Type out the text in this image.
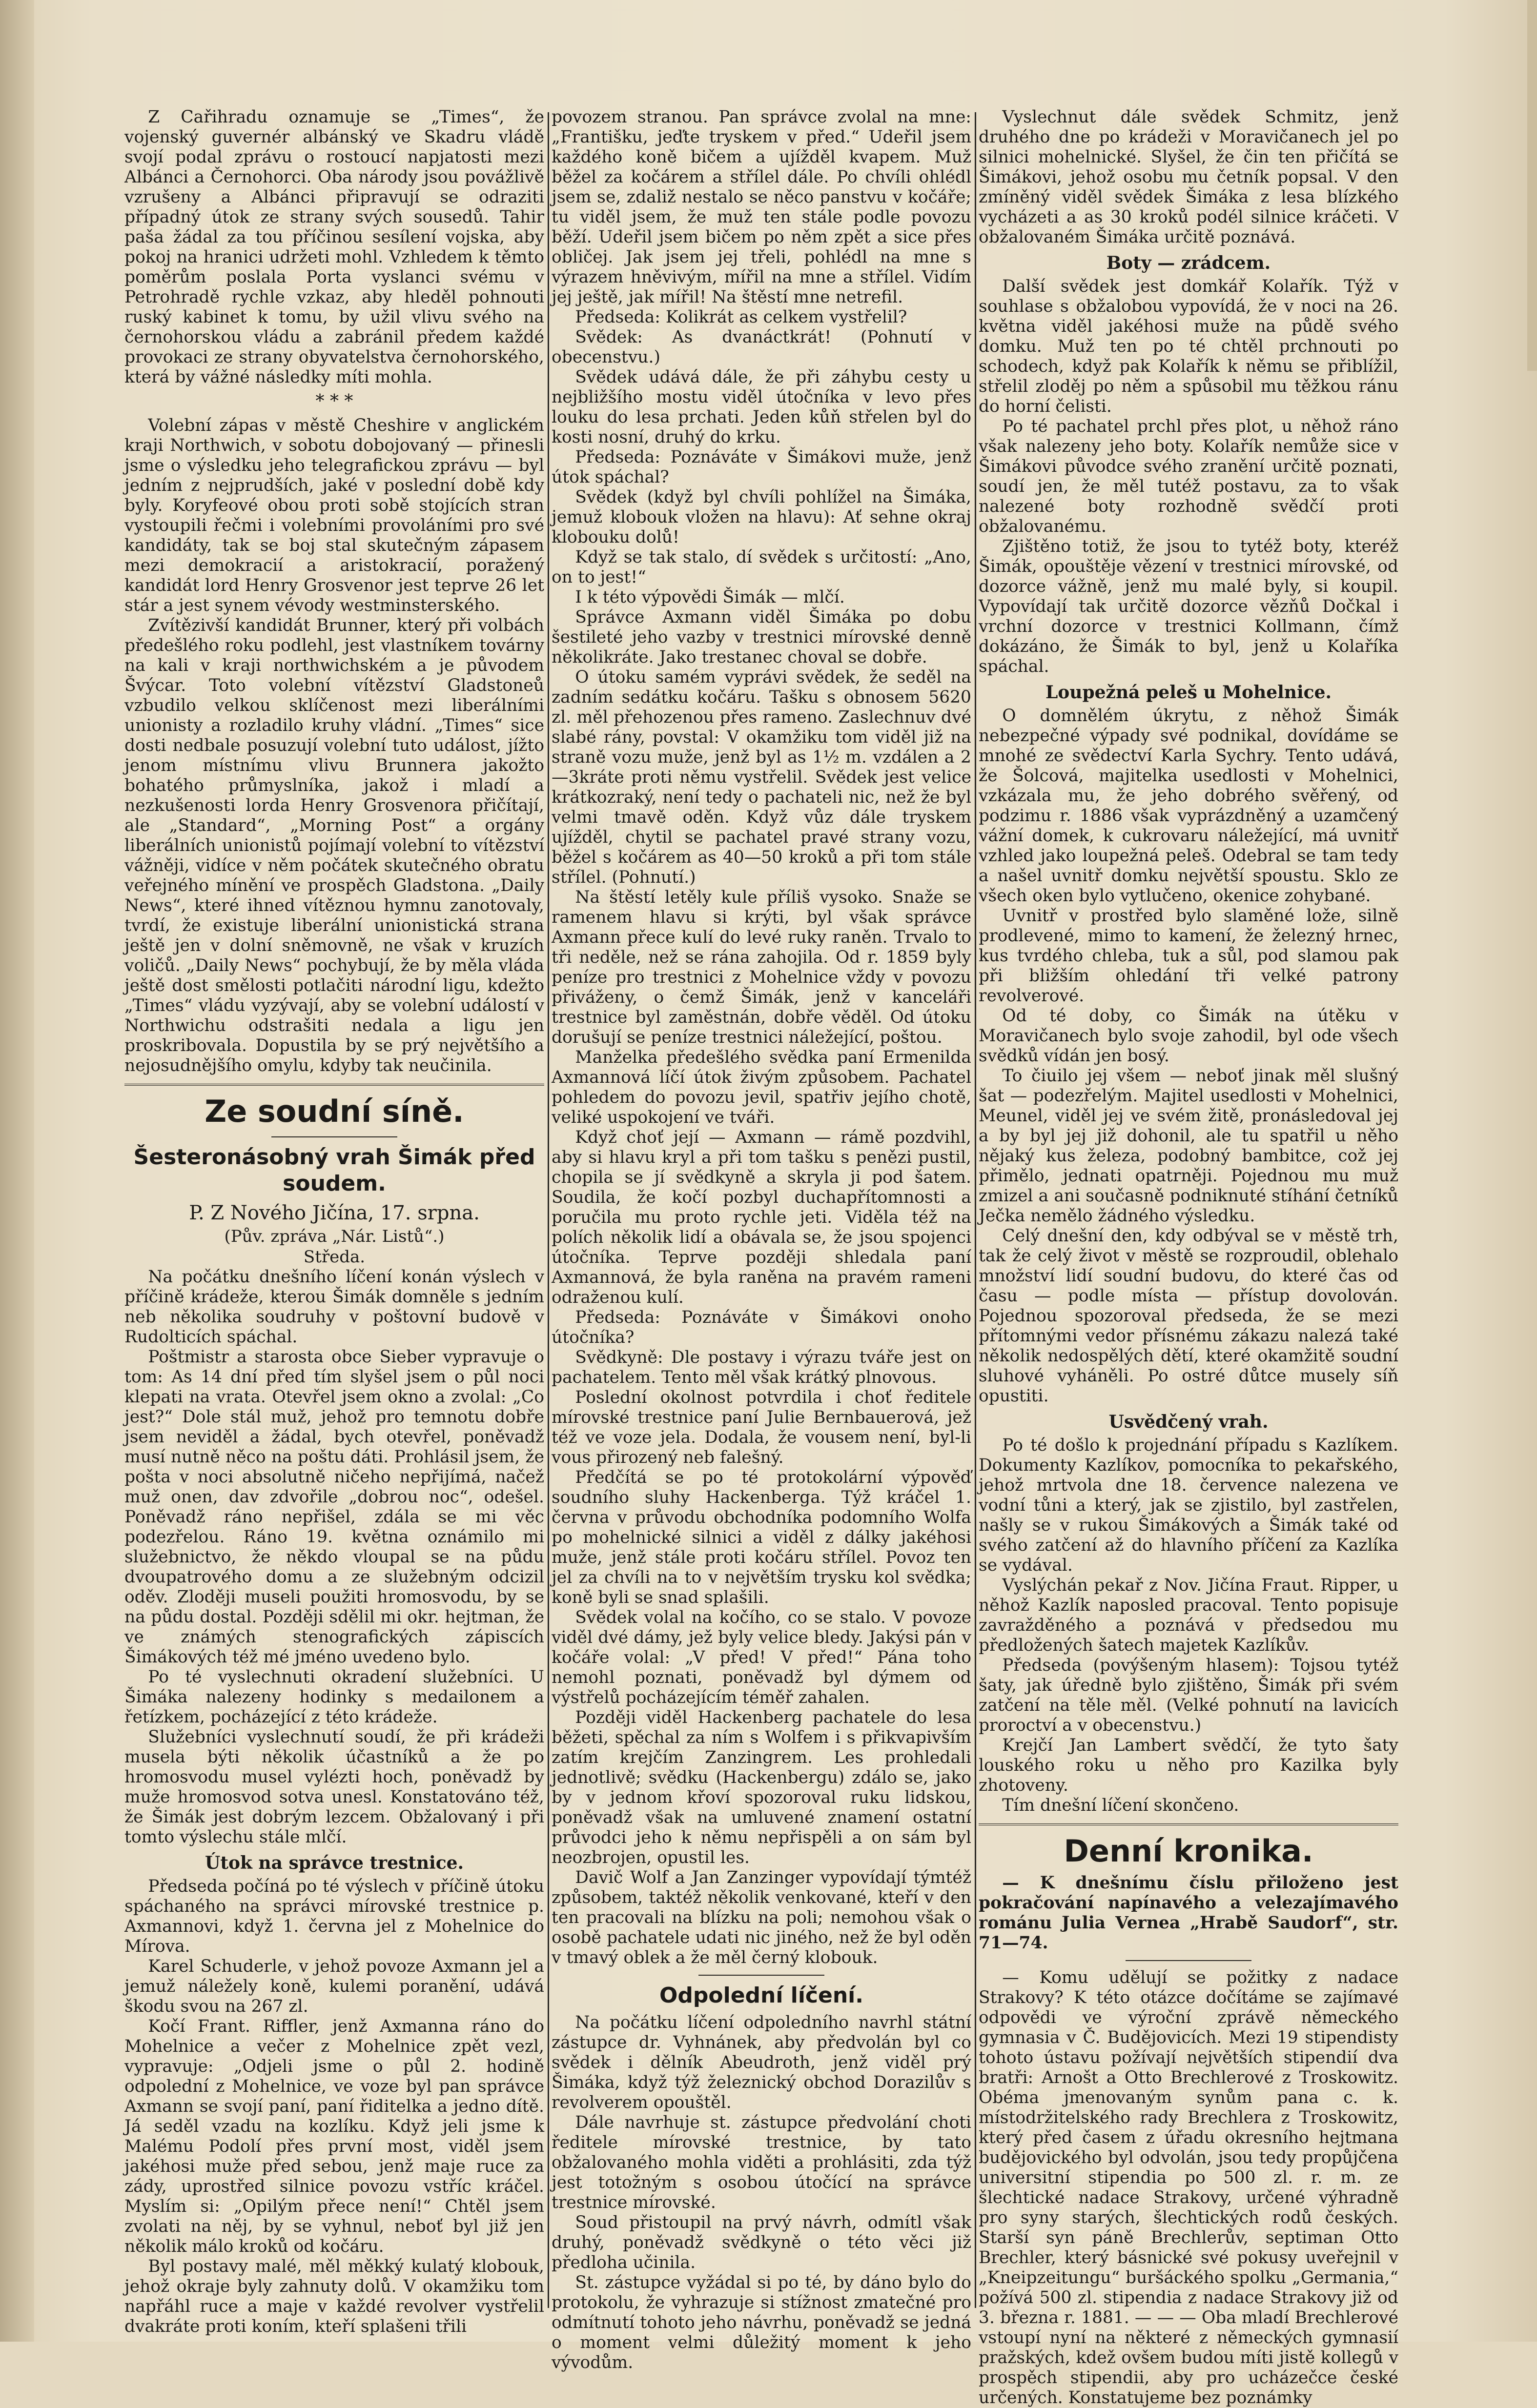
Z Cařihradu oznamuje se „Times“, že vojenský guvernér albánský ve Skadru vládě svojí podal zprávu o rostoucí napjatosti mezi Albánci a Černohorci. Oba národy jsou povážlivě vzrušeny a Albánci připravují se odraziti případný útok ze strany svých sousedů. Tahir paša žádal za tou příčinou sesílení vojska, aby pokoj na hranici udržeti mohl. Vzhledem k těmto poměrům poslala Porta vyslanci svému v Petrohradě rychle vzkaz, aby hleděl pohnouti ruský kabinet k tomu, by užil vlivu svého na černohorskou vládu a zabránil předem každé provokaci ze strany obyvatelstva černohorského, která by vážné následky míti mohla.

* * *

Volební zápas v městě Cheshire v anglickém kraji Northwich, v sobotu dobojovaný — přinesli jsme o výsledku jeho telegrafickou zprávu — byl jedním z nejprudších, jaké v poslední době kdy byly. Koryfeové obou proti sobě stojících stran vystoupili řečmi i volebními provoláními pro své kandidáty, tak se boj stal skutečným zápasem mezi demokracií a aristokracií, poražený kandidát lord Henry Grosvenor jest teprve 26 let stár a jest synem vévody westminsterského.

Zvítězivší kandidát Brunner, který při volbách předešlého roku podlehl, jest vlastníkem továrny na kali v kraji northwichském a je původem Švýcar. Toto volební vítězství Gladstoneů vzbudilo velkou sklíčenost mezi liberálními unionisty a rozladilo kruhy vládní. „Times“ sice dosti nedbale posuzují volební tuto událost, jížto jenom místnímu vlivu Brunnera jakožto bohatého průmyslníka, jakož i mladí a nezkušenosti lorda Henry Grosvenora přičítají, ale „Standard“, „Morning Post“ a orgány liberálních unionistů pojímají volební to vítězství vážněji, vidíce v něm počátek skutečného obratu veřejného mínění ve prospěch Gladstona. „Daily News“, které ihned vítěznou hymnu zanotovaly, tvrdí, že existuje liberální unionistická strana ještě jen v dolní sněmovně, ne však v kruzích voličů. „Daily News“ pochybují, že by měla vláda ještě dost smělosti potlačiti národní ligu, kdežto „Times“ vládu vyzývají, aby se volební událostí v Northwichu odstrašiti nedala a ligu jen proskribovala. Dopustila by se prý největšího a nejosudnějšího omylu, kdyby tak neučinila.

Ze soudní síně.
Šesteronásobný vrah Šimák před soudem.

P. Z Nového Jičína, 17. srpna.

(Pův. zpráva „Nár. Listů“.)

Středa.

Na počátku dnešního líčení konán výslech v příčině krádeže, kterou Šimák domněle s jedním neb několika soudruhy v poštovní budově v Rudolticích spáchal.

Poštmistr a starosta obce Sieber vypravuje o tom: As 14 dní před tím slyšel jsem o půl noci klepati na vrata. Otevřel jsem okno a zvolal: „Co jest?“ Dole stál muž, jehož pro temnotu dobře jsem neviděl a žádal, bych otevřel, poněvadž musí nutně něco na poštu dáti. Prohlásil jsem, že pošta v noci absolutně ničeho nepřijímá, načež muž onen, dav zdvořile „dobrou noc“, odešel. Poněvadž ráno nepřišel, zdála se mi věc podezřelou. Ráno 19. května oznámilo mi služebnictvo, že někdo vloupal se na půdu dvoupatrového domu a ze služebným odcizil oděv. Zloději museli použiti hromosvodu, by se na půdu dostal. Později sdělil mi okr. hejtman, že ve známých stenografických zápiscích Šimákových též mé jméno uvedeno bylo.

Po té vyslechnuti okradení služebníci. U Šimáka nalezeny hodinky s medailonem a řetízkem, pocházející z této krádeže.

Služebníci vyslechnutí soudí, že při krádeži musela býti několik účastníků a že po hromosvodu musel vylézti hoch, poněvadž by muže hromosvod sotva unesl. Konstatováno též, že Šimák jest dobrým lezcem. Obžalovaný i při tomto výslechu stále mlčí.

Útok na správce trestnice.

Předseda počíná po té výslech v příčině útoku spáchaného na správci mírovské trestnice p. Axmannovi, když 1. června jel z Mohelnice do Mírova.

Karel Schuderle, v jehož povoze Axmann jel a jemuž náležely koně, kulemi poranění, udává škodu svou na 267 zl.

Kočí Frant. Riffler, jenž Axmanna ráno do Mohelnice a večer z Mohelnice zpět vezl, vypravuje: „Odjeli jsme o půl 2. hodině odpolední z Mohelnice, ve voze byl pan správce Axmann se svojí paní, paní řiditelka a jedno dítě. Já seděl vzadu na kozlíku. Když jeli jsme k Malému Podolí přes první most, viděl jsem jakéhosi muže před sebou, jenž maje ruce za zády, uprostřed silnice povozu vstříc kráčel. Myslím si: „Opilým přece není!“ Chtěl jsem zvolati na něj, by se vyhnul, neboť byl již jen několik málo kroků od kočáru.

Byl postavy malé, měl měkký kulatý klobouk, jehož okraje byly zahnuty dolů. V okamžiku tom napřáhl ruce a maje v každé revolver vystřelil dvakráte proti koním, kteří splašeni třili

povozem stranou. Pan správce zvolal na mne: „Františku, jeďte tryskem v před.“ Udeřil jsem každého koně bičem a ujížděl kvapem. Muž běžel za kočárem a střílel dále. Po chvíli ohlédl jsem se, zdaliž nestalo se něco panstvu v kočáře; tu viděl jsem, že muž ten stále podle povozu běží. Udeřil jsem bičem po něm zpět a sice přes obličej. Jak jsem jej třeli, pohlédl na mne s výrazem hněvivým, mířil na mne a střílel. Vidím jej ještě, jak mířil! Na štěstí mne netrefil.

Předseda: Kolikrát as celkem vystřelil?

Svědek: As dvanáctkrát! (Pohnutí v obecenstvu.)

Svědek udává dále, že při záhybu cesty u nejbližšího mostu viděl útočníka v levo přes louku do lesa prchati. Jeden kůň střelen byl do kosti nosní, druhý do krku.

Předseda: Poznáváte v Šimákovi muže, jenž útok spáchal?

Svědek (když byl chvíli pohlížel na Šimáka, jemuž klobouk vložen na hlavu): Ať sehne okraj klobouku dolů!

Když se tak stalo, dí svědek s určitostí: „Ano, on to jest!“

I k této výpovědi Šimák — mlčí.

Správce Axmann viděl Šimáka po dobu šestileté jeho vazby v trestnici mírovské denně několikráte. Jako trestanec choval se dobře.

O útoku samém vyprávi svědek, že seděl na zadním sedátku kočáru. Tašku s obnosem 5620 zl. měl přehozenou přes rameno. Zaslechnuv dvé slabé rány, povstal: V okamžiku tom viděl již na straně vozu muže, jenž byl as 1½ m. vzdálen a 2—3kráte proti němu vystřelil. Svědek jest velice krátkozraký, není tedy o pachateli nic, než že byl velmi tmavě oděn. Když vůz dále tryskem ujížděl, chytil se pachatel pravé strany vozu, běžel s kočárem as 40—50 kroků a při tom stále střílel. (Pohnutí.)

Na štěstí letěly kule příliš vysoko. Snaže se ramenem hlavu si krýti, byl však správce Axmann přece kulí do levé ruky raněn. Trvalo to tři neděle, než se rána zahojila. Od r. 1859 byly peníze pro trestnici z Mohelnice vždy v povozu přiváženy, o čemž Šimák, jenž v kanceláři trestnice byl zaměstnán, dobře věděl. Od útoku dorušují se peníze trestnici náležející, poštou.

Manželka předešlého svědka paní Ermenilda Axmannová líčí útok živým způsobem. Pachatel pohledem do povozu jevil, spatřiv jejího chotě, veliké uspokojení ve tváři.

Když choť její — Axmann — rámě pozdvihl, aby si hlavu kryl a při tom tašku s penězi pustil, chopila se jí svědkyně a skryla ji pod šatem. Soudila, že kočí pozbyl duchapřítomnosti a poručila mu proto rychle jeti. Viděla též na polích několik lidí a obávala se, že jsou spojenci útočníka. Teprve později shledala paní Axmannová, že byla raněna na pravém rameni odraženou kulí.

Předseda: Poznáváte v Šimákovi onoho útočníka?

Svědkyně: Dle postavy i výrazu tváře jest on pachatelem. Tento měl však krátký plnovous.

Poslední okolnost potvrdila i choť ředitele mírovské trestnice paní Julie Bernbauerová, jež též ve voze jela. Dodala, že vousem není, byl-li vous přirozený neb falešný.

Předčítá se po té protokolární výpověď soudního sluhy Hackenberga. Týž kráčel 1. června v průvodu obchodníka podomního Wolfa po mohelnické silnici a viděl z dálky jakéhosi muže, jenž stále proti kočáru střílel. Povoz ten jel za chvíli na to v největším trysku kol svědka; koně byli se snad splašili.

Svědek volal na kočího, co se stalo. V povoze viděl dvé dámy, jež byly velice bledy. Jakýsi pán v kočáře volal: „V před! V před!“ Pána toho nemohl poznati, poněvadž byl dýmem od výstřelů pocházejícím téměř zahalen.

Později viděl Hackenberg pachatele do lesa běžeti, spěchal za ním s Wolfem i s přikvapivším zatím krejčím Zanzingrem. Les prohledali jednotlivě; svědku (Hackenbergu) zdálo se, jako by v jednom křoví spozoroval ruku lidskou, poněvadž však na umluvené znamení ostatní průvodci jeho k němu nepřispěli a on sám byl neozbrojen, opustil les.

Davič Wolf a Jan Zanzinger vypovídají týmtéž způsobem, taktéž několik venkované, kteří v den ten pracovali na blízku na poli; nemohou však o osobě pachatele udati nic jiného, než že byl oděn v tmavý oblek a že měl černý klobouk.

Odpolední líčení.

Na počátku líčení odpoledního navrhl státní zástupce dr. Vyhnánek, aby předvolán byl co svědek i dělník Abeudroth, jenž viděl prý Šimáka, když týž železnický obchod Dorazilův s revolverem opouštěl.

Dále navrhuje st. zástupce předvolání choti ředitele mírovské trestnice, by tato obžalovaného mohla viděti a prohlásiti, zda týž jest totožným s osobou útočící na správce trestnice mírovské.

Soud přistoupil na prvý návrh, odmítl však druhý, poněvadž svědkyně o této věci již předloha učinila.

St. zástupce vyžádal si po té, by dáno bylo do protokolu, že vyhrazuje si stížnost zmatečné pro odmítnutí tohoto jeho návrhu, poněvadž se jedná o moment velmi důležitý moment k jeho vývodům.

Vyslechnut dále svědek Schmitz, jenž druhého dne po krádeži v Moravičanech jel po silnici mohelnické. Slyšel, že čin ten přičítá se Šimákovi, jehož osobu mu četník popsal. V den zmíněný viděl svědek Šimáka z lesa blízkého vycházeti a as 30 kroků podél silnice kráčeti. V obžalovaném Šimáka určitě poznává.

Boty — zrádcem.

Další svědek jest domkář Kolařík. Týž v souhlase s obžalobou vypovídá, že v noci na 26. května viděl jakéhosi muže na půdě svého domku. Muž ten po té chtěl prchnouti po schodech, když pak Kolařík k němu se přiblížil, střelil zloděj po něm a spůsobil mu těžkou ránu do horní čelisti.

Po té pachatel prchl přes plot, u něhož ráno však nalezeny jeho boty. Kolařík nemůže sice v Šimákovi původce svého zranění určitě poznati, soudí jen, že měl tutéž postavu, za to však nalezené boty rozhodně svědčí proti obžalovanému.

Zjištěno totiž, že jsou to tytéž boty, kteréž Šimák, opouštěje vězení v trestnici mírovské, od dozorce vážně, jenž mu malé byly, si koupil. Vypovídají tak určitě dozorce vězňů Dočkal i vrchní dozorce v trestnici Kollmann, čímž dokázáno, že Šimák to byl, jenž u Kolaříka spáchal.

Loupežná peleš u Mohelnice.

O domnělém úkrytu, z něhož Šimák nebezpečné výpady své podnikal, dovídáme se mnohé ze svědectví Karla Sychry. Tento udává, že Šolcová, majitelka usedlosti v Mohelnici, vzkázala mu, že jeho dobrého svěřený, od podzimu r. 1886 však vyprázdněný a uzamčený vážní domek, k cukrovaru náležející, má uvnitř vzhled jako loupežná peleš. Odebral se tam tedy a našel uvnitř domku největší spoustu. Sklo ze všech oken bylo vytlučeno, okenice zohybané.

Uvnitř v prostřed bylo slaměné lože, silně prodlevené, mimo to kamení, že železný hrnec, kus tvrdého chleba, tuk a sůl, pod slamou pak při bližším ohledání tři velké patrony revolverové.

Od té doby, co Šimák na útěku v Moravičanech bylo svoje zahodil, byl ode všech svědků vídán jen bosý.

To čiuilo jej všem — neboť jinak měl slušný šat — podezřelým. Majitel usedlosti v Mohelnici, Meunel, viděl jej ve svém žitě, pronásledoval jej a by byl jej již dohonil, ale tu spatřil u něho nějaký kus železa, podobný bambitce, což jej přimělo, jednati opatrněji. Pojednou mu muž zmizel a ani současně podniknuté stíhání četníků Ječka nemělo žádného výsledku.

Celý dnešní den, kdy odbýval se v městě trh, tak že celý život v městě se rozproudil, oblehalo množství lidí soudní budovu, do které čas od času — podle místa — přístup dovolován. Pojednou spozoroval předseda, že se mezi přítomnými vedor přísnému zákazu nalezá také několik nedospělých dětí, které okamžitě soudní sluhové vyháněli. Po ostré důtce musely síň opustiti.

Usvědčený vrah.

Po té došlo k projednání případu s Kazlíkem. Dokumenty Kazlíkov, pomocníka to pekařského, jehož mrtvola dne 18. července nalezena ve vodní tůni a který, jak se zjistilo, byl zastřelen, našly se v rukou Šimákových a Šimák také od svého zatčení až do hlavního příčení za Kazlíka se vydával.

Vyslýchán pekař z Nov. Jičína Fraut. Ripper, u něhož Kazlík naposled pracoval. Tento popisuje zavražděného a poznává v předsedou mu předložených šatech majetek Kazlíkův.

Předseda (povýšeným hlasem): Tojsou tytéž šaty, jak úředně bylo zjištěno, Šimák při svém zatčení na těle měl. (Velké pohnutí na lavicích proroctví a v obecenstvu.)

Krejčí Jan Lambert svědčí, že tyto šaty louského roku u něho pro Kazilka byly zhotoveny.

Tím dnešní líčení skončeno.

Denní kronika.

— K dnešnímu číslu přiloženo jest pokračování napínavého a velezajímavého románu Julia Vernea „Hrabě Saudorf“, str. 71—74.

— Komu udělují se požitky z nadace Strakovy? K této otázce dočítáme se zajímavé odpovědi ve výroční zprávě německého gymnasia v Č. Budějovicích. Mezi 19 stipendisty tohoto ústavu požívají největších stipendií dva bratři: Arnošt a Otto Brechlerové z Troskowitz. Obéma jmenovaným synům pana c. k. místodržitelského rady Brechlera z Troskowitz, který před časem z úřadu okresního hejtmana budějovického byl odvolán, jsou tedy propůjčena universitní stipendia po 500 zl. r. m. ze šlechtické nadace Strakovy, určené výhradně pro syny starých, šlechtických rodů českých. Starší syn páně Brechlerův, septiman Otto Brechler, který básnické své pokusy uveřejnil v „Kneipzeitungu“ buršáckého spolku „Germania,“ požívá 500 zl. stipendia z nadace Strakovy již od 3. března r. 1881. — — — Oba mladí Brechlerové vstoupí nyní na některé z německých gymnasií pražských, kdež ovšem budou míti jistě kollegů v prospěch stipendii, aby pro ucházečce české určených. Konstatujeme bez poznámky
